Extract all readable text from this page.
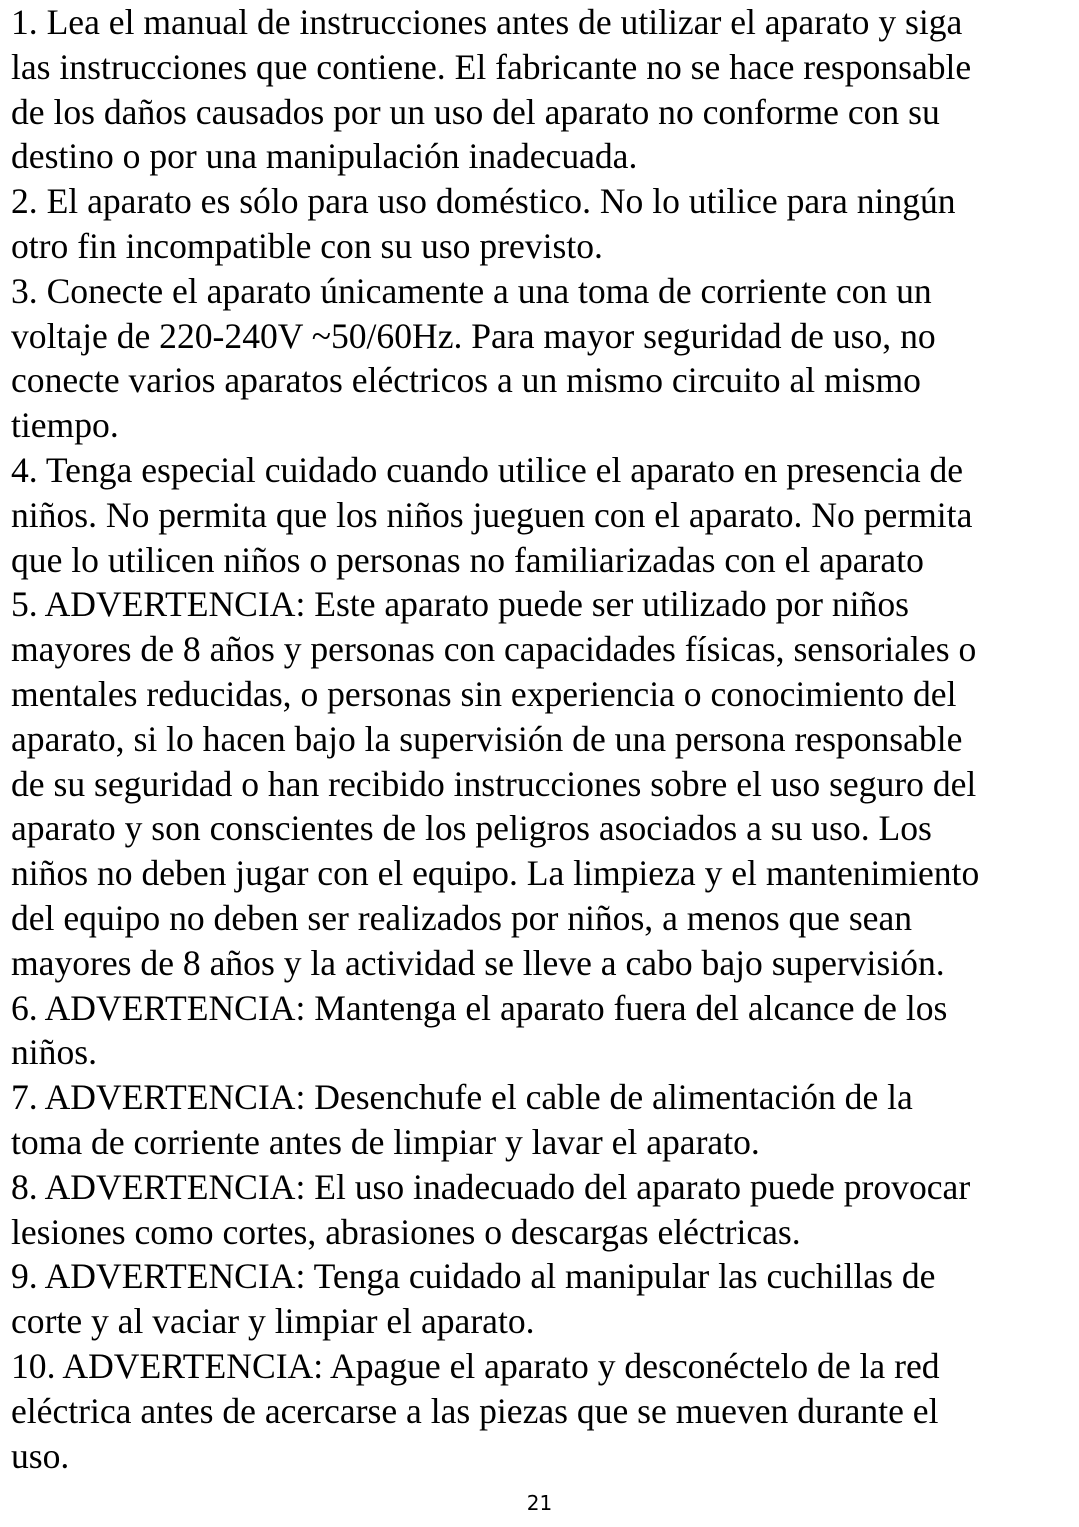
1. Lea el manual de instrucciones antes de utilizar el aparato y siga
las instrucciones que contiene. El fabricante no se hace responsable
de los daños causados por un uso del aparato no conforme con su
destino o por una manipulación inadecuada.
2. El aparato es sólo para uso doméstico. No lo utilice para ningún
otro fin incompatible con su uso previsto.
3. Conecte el aparato únicamente a una toma de corriente con un
voltaje de 220-240V ~50/60Hz. Para mayor seguridad de uso, no
conecte varios aparatos eléctricos a un mismo circuito al mismo
tiempo.
4. Tenga especial cuidado cuando utilice el aparato en presencia de
niños. No permita que los niños jueguen con el aparato. No permita
que lo utilicen niños o personas no familiarizadas con el aparato
5. ADVERTENCIA: Este aparato puede ser utilizado por niños
mayores de 8 años y personas con capacidades físicas, sensoriales o
mentales reducidas, o personas sin experiencia o conocimiento del
aparato, si lo hacen bajo la supervisión de una persona responsable
de su seguridad o han recibido instrucciones sobre el uso seguro del
aparato y son conscientes de los peligros asociados a su uso. Los
niños no deben jugar con el equipo. La limpieza y el mantenimiento
del equipo no deben ser realizados por niños, a menos que sean
mayores de 8 años y la actividad se lleve a cabo bajo supervisión.
6. ADVERTENCIA: Mantenga el aparato fuera del alcance de los
niños.
7. ADVERTENCIA: Desenchufe el cable de alimentación de la
toma de corriente antes de limpiar y lavar el aparato.
8. ADVERTENCIA: El uso inadecuado del aparato puede provocar
lesiones como cortes, abrasiones o descargas eléctricas.
9. ADVERTENCIA: Tenga cuidado al manipular las cuchillas de
corte y al vaciar y limpiar el aparato.
10. ADVERTENCIA: Apague el aparato y desconéctelo de la red
eléctrica antes de acercarse a las piezas que se mueven durante el
uso.
21
